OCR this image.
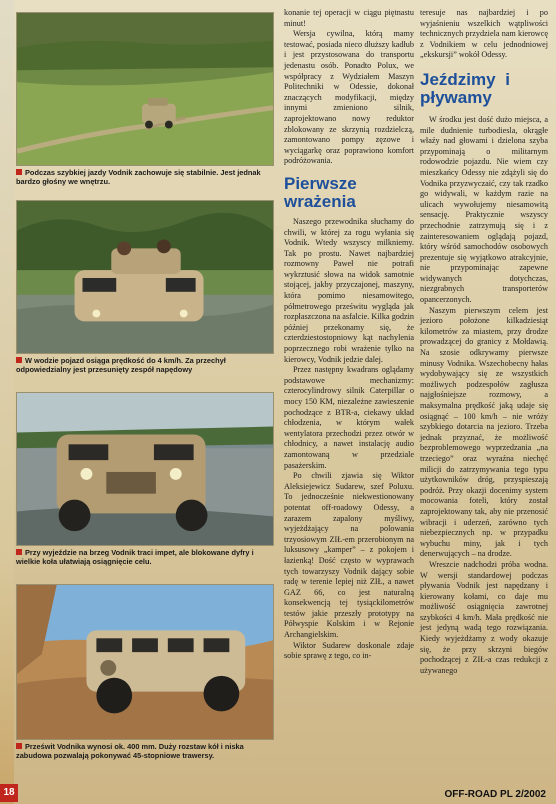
Podczas szybkiej jazdy Vodnik zachowuje się stabilnie. Jest jednak bardzo głośny we wnętrzu.
W wodzie pojazd osiąga prędkość do 4 km/h. Za przechył odpowiedzialny jest przesunięty zespół napędowy
Przy wyjeździe na brzeg Vodnik traci impet, ale blokowane dyfry i wielkie koła ułatwiają osiągnięcie celu.
Prześwit Vodnika wynosi ok. 400 mm. Duży rozstaw kół i niska zabudowa pozwalają pokonywać 45-stopniowe trawersy.

konanie tej operacji w ciągu piętnastu minut!

Wersja cywilna, którą mamy testować, posiada nieco dłuższy kadłub i jest przystosowana do transportu jedenastu osób. Ponadto Polux, we współpracy z Wydziałem Maszyn Politechniki w Odessie, dokonał znaczących modyfikacji, między innymi zmieniono silnik, zaprojektowano nowy reduktor zblokowany ze skrzynią rozdzielczą, zamontowano pompy zęzowe i wyciągarkę oraz poprawiono komfort podróżowania.

Pierwsze wrażenia

Naszego przewodnika słuchamy do chwili, w której za rogu wyłania się Vodnik. Wtedy wszyscy milkniemy. Tak po prostu. Nawet najbardziej rozmowny Paweł nie potrafi wykrztusić słowa na widok samotnie stojącej, jakby przyczajonej, maszyny, która pomimo niesamowitego, półmetrowego prześwitu wygląda jak rozpłaszczona na asfalcie. Kilka godzin później przekonamy się, że czterdziestostopniowy kąt nachylenia poprzecznego robi wrażenie tylko na kierowcy, Vodnik jedzie dalej.

Przez następny kwadrans oglądamy podstawowe mechanizmy: czterocylindrowy silnik Caterpillar o mocy 150 KM, niezależne zawieszenie pochodzące z BTR-a, ciekawy układ chłodzenia, w którym wałek wentylatora przechodzi przez otwór w chłodnicy, a nawet instalację audio zamontowaną w przedziale pasażerskim.

Po chwili zjawia się Wiktor Aleksiejewicz Sudarew, szef Poluxu. To jednocześnie niekwestionowany potentat off-roadowy Odessy, a zarazem zapalony myśliwy, wyjeżdżający na polowania trzyosiowym ZIŁ-em przerobionym na luksusowy „kamper” – z pokojem i łazienką! Dość często w wyprawach tych towarzyszy Vodnik dający sobie radę w terenie lepiej niż ZIŁ, a nawet GAZ 66, co jest naturalną konsekwencją tej tysiąckilometrów testów jakie przeszły prototypy na Półwyspie Kolskim i w Rejonie Archangielskim.

Wiktor Sudarew doskonale zdaje sobie sprawę z tego, co in-

teresuje nas najbardziej i po wyjaśnieniu wszelkich wątpliwości technicznych przydziela nam kierowcę z Vodnikiem w celu jednodniowej „ekskursji” wokół Odessy.

Jeździmy i pływamy

W środku jest dość dużo miejsca, a mile dudnienie turbodiesla, okrągłe właźy nad głowami i dzielona szyba przypominają o militarnym rodowodzie pojazdu. Nie wiem czy mieszkańcy Odessy nie zdążyli się do Vodnika przyzwyczaić, czy tak rzadko go widywali, w każdym razie na ulicach wywołujemy niesamowitą sensację. Praktycznie wszyscy przechodnie zatrzymują się i z zainteresowaniem oglądają pojazd, który wśród samochodów osobowych prezentuje się wyjątkowo atrakcyjnie, nie przypominając zapewne widywanych dotychczas, niezgrabnych transporterów opancerzonych.

Naszym pierwszym celem jest jezioro położone kilkadziesiąt kilometrów za miastem, przy drodze prowadzącej do granicy z Mołdawią. Na szosie odkrywamy pierwsze minusy Vodnika. Wszechobecny hałas wydobywający się ze wszystkich możliwych podzespołów zagłusza najgłośniejsze rozmowy, a maksymalna prędkość jaką udaje się osiągnąć – 100 km/h – nie wróży szybkiego dotarcia na jezioro. Trzeba jednak przyznać, że możliwość bezproblemowego wyprzedzania „na trzeciego” oraz wyraźna niechęć milicji do zatrzymywania tego typu użytkowników dróg, przyspieszają podróż. Przy okazji docenimy system mocowania foteli, który został zaprojektowany tak, aby nie przenosić wibracji i uderzeń, zarówno tych niebezpiecznych np. w przypadku wybuchu miny, jak i tych denerwujących – na drodze.

Wreszcie nadchodzi próba wodna. W wersji standardowej podczas pływania Vodnik jest napędzany i kierowany kołami, co daje mu możliwość osiągnięcia zawrotnej szybkości 4 km/h. Mała prędkość nie jest jedyną wadą tego rozwiązania. Kiedy wyjeżdżamy z wody okazuje się, że przy skrzyni biegów pochodzącej z ZIŁ-a czas redukcji z używanego

18	OFF-ROAD PL 2/2002
